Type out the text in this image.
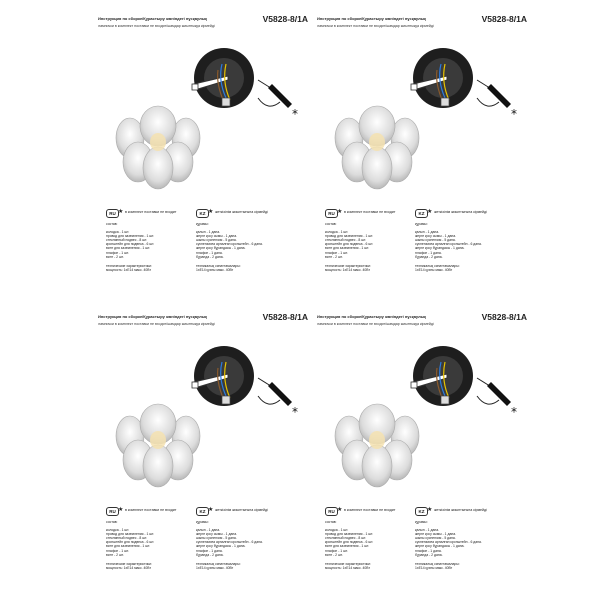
Инструкция по сборке/Құрастыру жөніндегі нұсқаулық	V5828-8/1A
лампочки в комплект поставки не входят/шамдар жиынтыққа кірмейді
*
RU ★ в комплект поставки не входит	KZ ★ жеткізілім жиынтығына кірмейді
состав:
колодка - 1 шт.
провод для заземления - 1 шт.
стеклянный подвес - 8 шт.
кронштейн для подвеса - 6 шт.
винт для заземления - 1 шт.
плафон - 1 шт.
винт - 2 шт.
технические характеристики:
мощность: 1xE14 макс. 40Вт
құрамы:
қалып - 1 дана.
жерге қосу сымы - 1 дана.
шыны суспензия - 5 дана.
суспензияға арналған кронштейн - 6 дана.
жерге қосу бұрандасы - 1 дана.
плафон - 1 дана.
бұранда - 2 дана.
техникалық сипаттамалары:
1xE14 қуаты макс. 40Вт
Инструкция по сборке/Құрастыру жөніндегі нұсқаулық	V5828-8/1A
лампочки в комплект поставки не входят/шамдар жиынтыққа кірмейді
*
RU ★ в комплект поставки не входит	KZ ★ жеткізілім жиынтығына кірмейді
состав:
колодка - 1 шт.
провод для заземления - 1 шт.
стеклянный подвес - 8 шт.
кронштейн для подвеса - 6 шт.
винт для заземления - 1 шт.
плафон - 1 шт.
винт - 2 шт.
технические характеристики:
мощность: 1xE14 макс. 40Вт
құрамы:
қалып - 1 дана.
жерге қосу сымы - 1 дана.
шыны суспензия - 5 дана.
суспензияға арналған кронштейн - 6 дана.
жерге қосу бұрандасы - 1 дана.
плафон - 1 дана.
бұранда - 2 дана.
техникалық сипаттамалары:
1xE14 қуаты макс. 40Вт
Инструкция по сборке/Құрастыру жөніндегі нұсқаулық	V5828-8/1A
лампочки в комплект поставки не входят/шамдар жиынтыққа кірмейді
*
RU ★ в комплект поставки не входит	KZ ★ жеткізілім жиынтығына кірмейді
состав:
колодка - 1 шт.
провод для заземления - 1 шт.
стеклянный подвес - 8 шт.
кронштейн для подвеса - 6 шт.
винт для заземления - 1 шт.
плафон - 1 шт.
винт - 2 шт.
технические характеристики:
мощность: 1xE14 макс. 40Вт
құрамы:
қалып - 1 дана.
жерге қосу сымы - 1 дана.
шыны суспензия - 5 дана.
суспензияға арналған кронштейн - 6 дана.
жерге қосу бұрандасы - 1 дана.
плафон - 1 дана.
бұранда - 2 дана.
техникалық сипаттамалары:
1xE14 қуаты макс. 40Вт
Инструкция по сборке/Құрастыру жөніндегі нұсқаулық	V5828-8/1A
лампочки в комплект поставки не входят/шамдар жиынтыққа кірмейді
*
RU ★ в комплект поставки не входит	KZ ★ жеткізілім жиынтығына кірмейді
состав:
колодка - 1 шт.
провод для заземления - 1 шт.
стеклянный подвес - 8 шт.
кронштейн для подвеса - 6 шт.
винт для заземления - 1 шт.
плафон - 1 шт.
винт - 2 шт.
технические характеристики:
мощность: 1xE14 макс. 40Вт
құрамы:
қалып - 1 дана.
жерге қосу сымы - 1 дана.
шыны суспензия - 5 дана.
суспензияға арналған кронштейн - 6 дана.
жерге қосу бұрандасы - 1 дана.
плафон - 1 дана.
бұранда - 2 дана.
техникалық сипаттамалары:
1xE14 қуаты макс. 40Вт
